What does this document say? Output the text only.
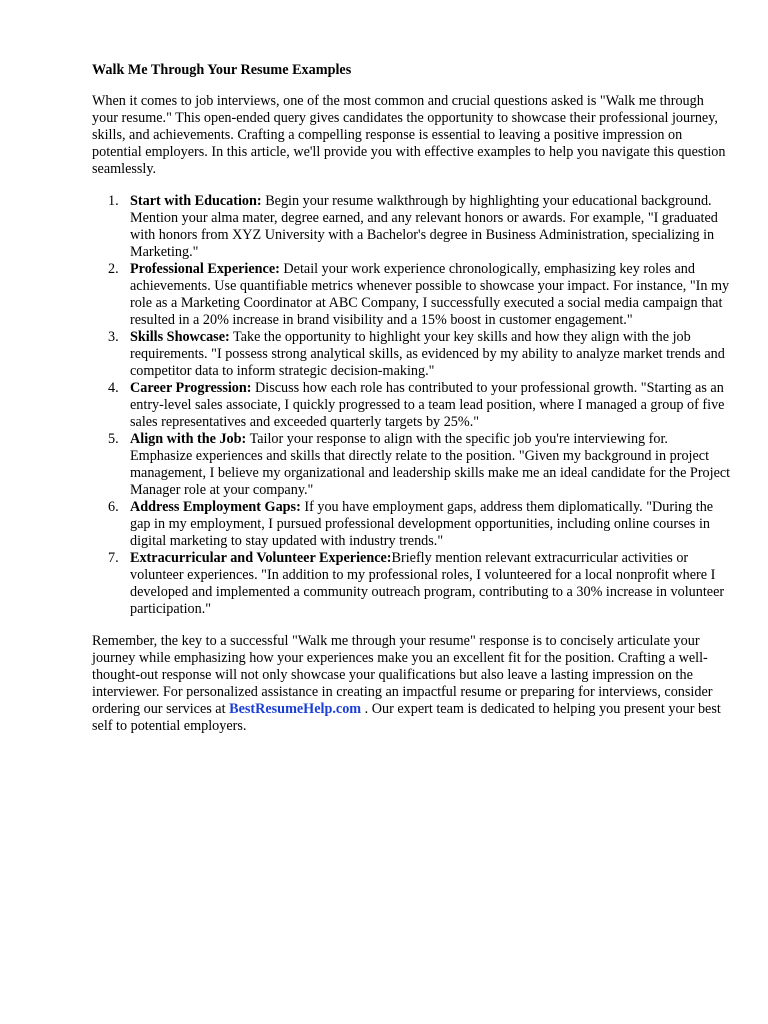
Walk Me Through Your Resume Examples

When it comes to job interviews, one of the most common and crucial questions asked is "Walk me through your resume." This open-ended query gives candidates the opportunity to showcase their professional journey, skills, and achievements. Crafting a compelling response is essential to leaving a positive impression on potential employers. In this article, we'll provide you with effective examples to help you navigate this question seamlessly.

1. Start with Education: Begin your resume walkthrough by highlighting your educational background. Mention your alma mater, degree earned, and any relevant honors or awards. For example, "I graduated with honors from XYZ University with a Bachelor's degree in Business Administration, specializing in Marketing."
2. Professional Experience: Detail your work experience chronologically, emphasizing key roles and achievements. Use quantifiable metrics whenever possible to showcase your impact. For instance, "In my role as a Marketing Coordinator at ABC Company, I successfully executed a social media campaign that resulted in a 20% increase in brand visibility and a 15% boost in customer engagement."
3. Skills Showcase: Take the opportunity to highlight your key skills and how they align with the job requirements. "I possess strong analytical skills, as evidenced by my ability to analyze market trends and competitor data to inform strategic decision-making."
4. Career Progression: Discuss how each role has contributed to your professional growth. "Starting as an entry-level sales associate, I quickly progressed to a team lead position, where I managed a group of five sales representatives and exceeded quarterly targets by 25%."
5. Align with the Job: Tailor your response to align with the specific job you're interviewing for. Emphasize experiences and skills that directly relate to the position. "Given my background in project management, I believe my organizational and leadership skills make me an ideal candidate for the Project Manager role at your company."
6. Address Employment Gaps: If you have employment gaps, address them diplomatically. "During the gap in my employment, I pursued professional development opportunities, including online courses in digital marketing to stay updated with industry trends."
7. Extracurricular and Volunteer Experience:Briefly mention relevant extracurricular activities or volunteer experiences. "In addition to my professional roles, I volunteered for a local nonprofit where I developed and implemented a community outreach program, contributing to a 30% increase in volunteer participation."

Remember, the key to a successful "Walk me through your resume" response is to concisely articulate your journey while emphasizing how your experiences make you an excellent fit for the position. Crafting a well-thought-out response will not only showcase your qualifications but also leave a lasting impression on the interviewer. For personalized assistance in creating an impactful resume or preparing for interviews, consider ordering our services at BestResumeHelp.com . Our expert team is dedicated to helping you present your best self to potential employers.
